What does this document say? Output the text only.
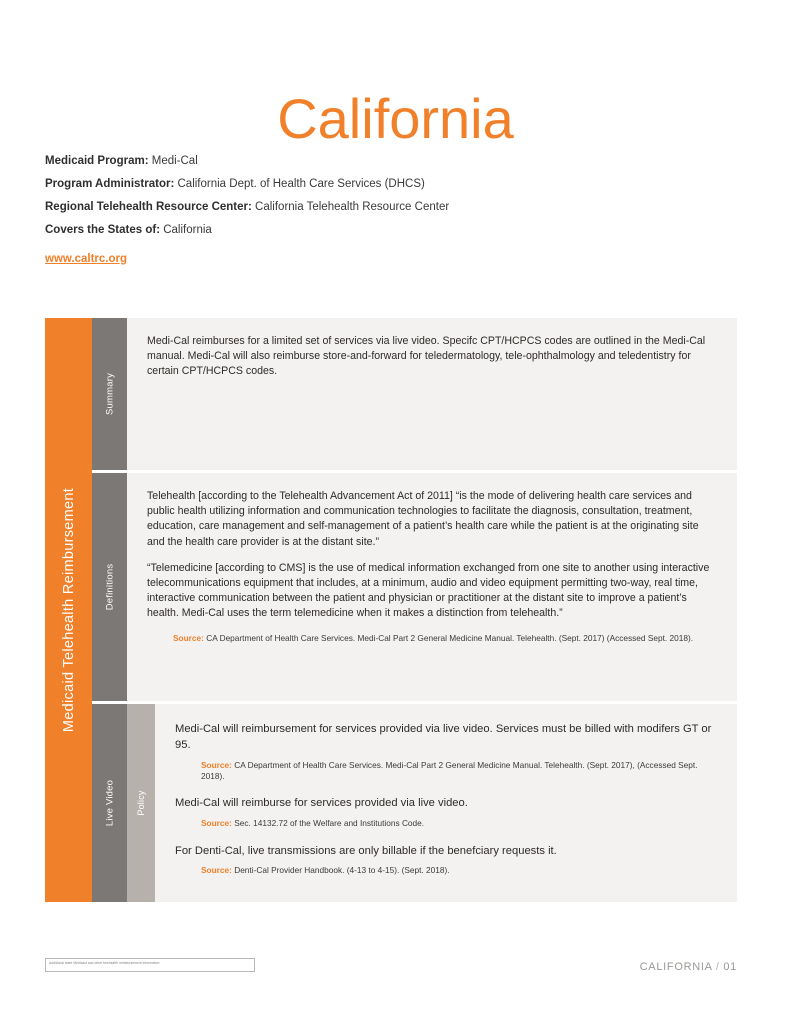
California
Medicaid Program: Medi-Cal
Program Administrator: California Dept. of Health Care Services (DHCS)
Regional Telehealth Resource Center: California Telehealth Resource Center
Covers the States of: California
www.caltrc.org
Medicaid Telehealth Reimbursement
Summary

Medi-Cal reimburses for a limited set of services via live video. Specifc CPT/HCPCS codes are outlined in the Medi-Cal manual. Medi-Cal will also reimburse store-and-forward for teledermatology, tele-ophthalmology and teledentistry for certain CPT/HCPCS codes.

Definitions

Telehealth [according to the Telehealth Advancement Act of 2011] “is the mode of delivering health care services and public health utilizing information and communication technologies to facilitate the diagnosis, consultation, treatment, education, care management and self-management of a patient’s health care while the patient is at the originating site and the health care provider is at the distant site.”

“Telemedicine [according to CMS] is the use of medical information exchanged from one site to another using interactive telecommunications equipment that includes, at a minimum, audio and video equipment permitting two-way, real time, interactive communication between the patient and physician or practitioner at the distant site to improve a patient’s health. Medi-Cal uses the term telemedicine when it makes a distinction from telehealth.”

Source: CA Department of Health Care Services. Medi-Cal Part 2 General Medicine Manual. Telehealth. (Sept. 2017) (Accessed Sept. 2018).

Live Video Policy

Medi-Cal will reimbursement for services provided via live video. Services must be billed with modifers GT or 95.

Source: CA Department of Health Care Services. Medi-Cal Part 2 General Medicine Manual. Telehealth. (Sept. 2017), (Accessed Sept. 2018).

Medi-Cal will reimburse for services provided via live video.

Source: Sec. 14132.72 of the Welfare and Institutions Code.

For Denti-Cal, live transmissions are only billable if the benefciary requests it.

Source: Denti-Cal Provider Handbook. (4-13 to 4-15). (Sept. 2018).

Additional state Medicaid and other telehealth reimbursement information	CALIFORNIA / 01
